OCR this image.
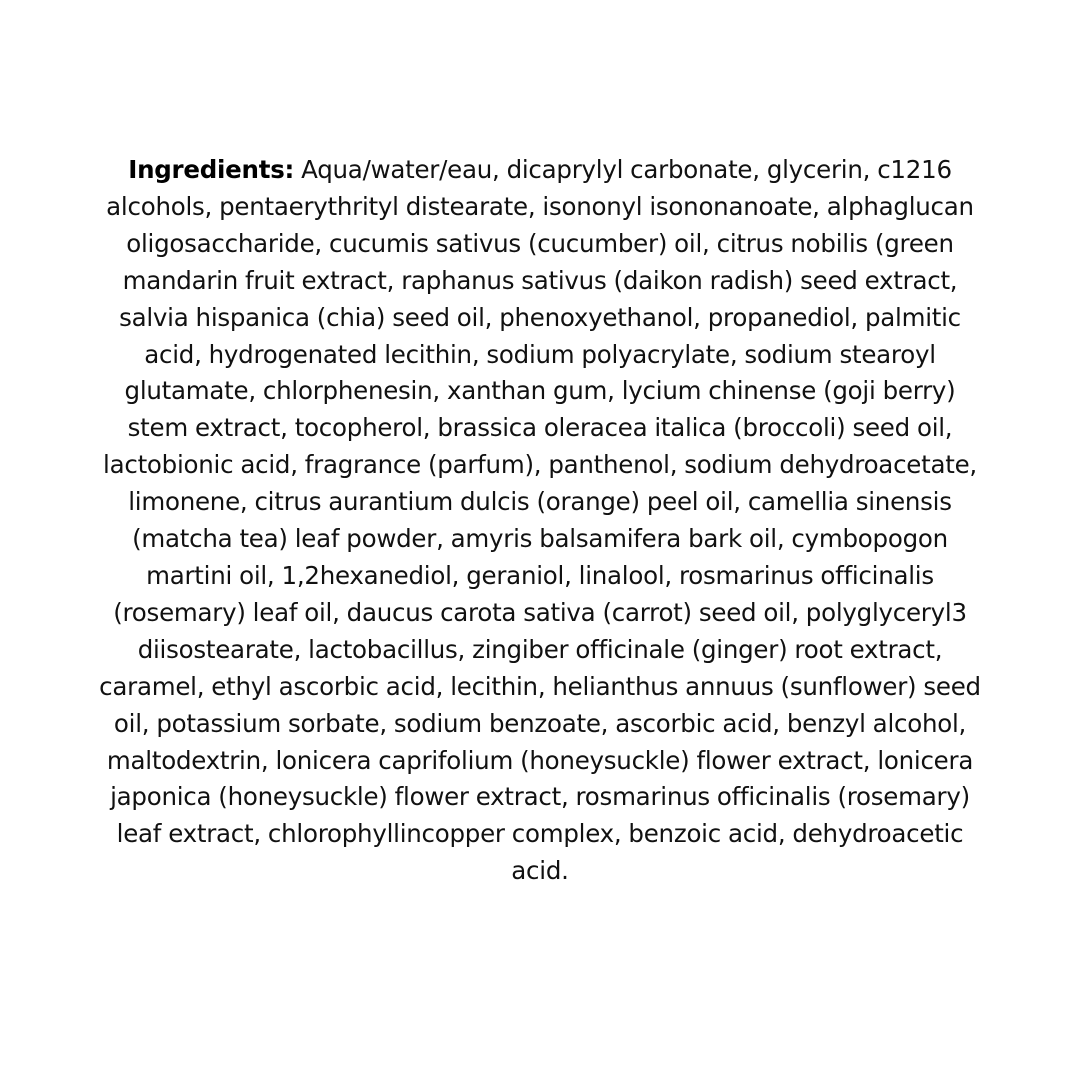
Ingredients: Aqua/water/eau, dicaprylyl carbonate, glycerin, c1216 alcohols, pentaerythrityl distearate, isononyl isononanoate, alphaglucan oligosaccharide, cucumis sativus (cucumber) oil, citrus nobilis (green mandarin fruit extract, raphanus sativus (daikon radish) seed extract, salvia hispanica (chia) seed oil, phenoxyethanol, propanediol, palmitic acid, hydrogenated lecithin, sodium polyacrylate, sodium stearoyl glutamate, chlorphenesin, xanthan gum, lycium chinense (goji berry) stem extract, tocopherol, brassica oleracea italica (broccoli) seed oil, lactobionic acid, fragrance (parfum), panthenol, sodium dehydroacetate, limonene, citrus aurantium dulcis (orange) peel oil, camellia sinensis (matcha tea) leaf powder, amyris balsamifera bark oil, cymbopogon martini oil, 1,2hexanediol, geraniol, linalool, rosmarinus officinalis (rosemary) leaf oil, daucus carota sativa (carrot) seed oil, polyglyceryl3 diisostearate, lactobacillus, zingiber officinale (ginger) root extract, caramel, ethyl ascorbic acid, lecithin, helianthus annuus (sunflower) seed oil, potassium sorbate, sodium benzoate, ascorbic acid, benzyl alcohol, maltodextrin, lonicera caprifolium (honeysuckle) flower extract, lonicera japonica (honeysuckle) flower extract, rosmarinus officinalis (rosemary) leaf extract, chlorophyllincopper complex, benzoic acid, dehydroacetic acid.
